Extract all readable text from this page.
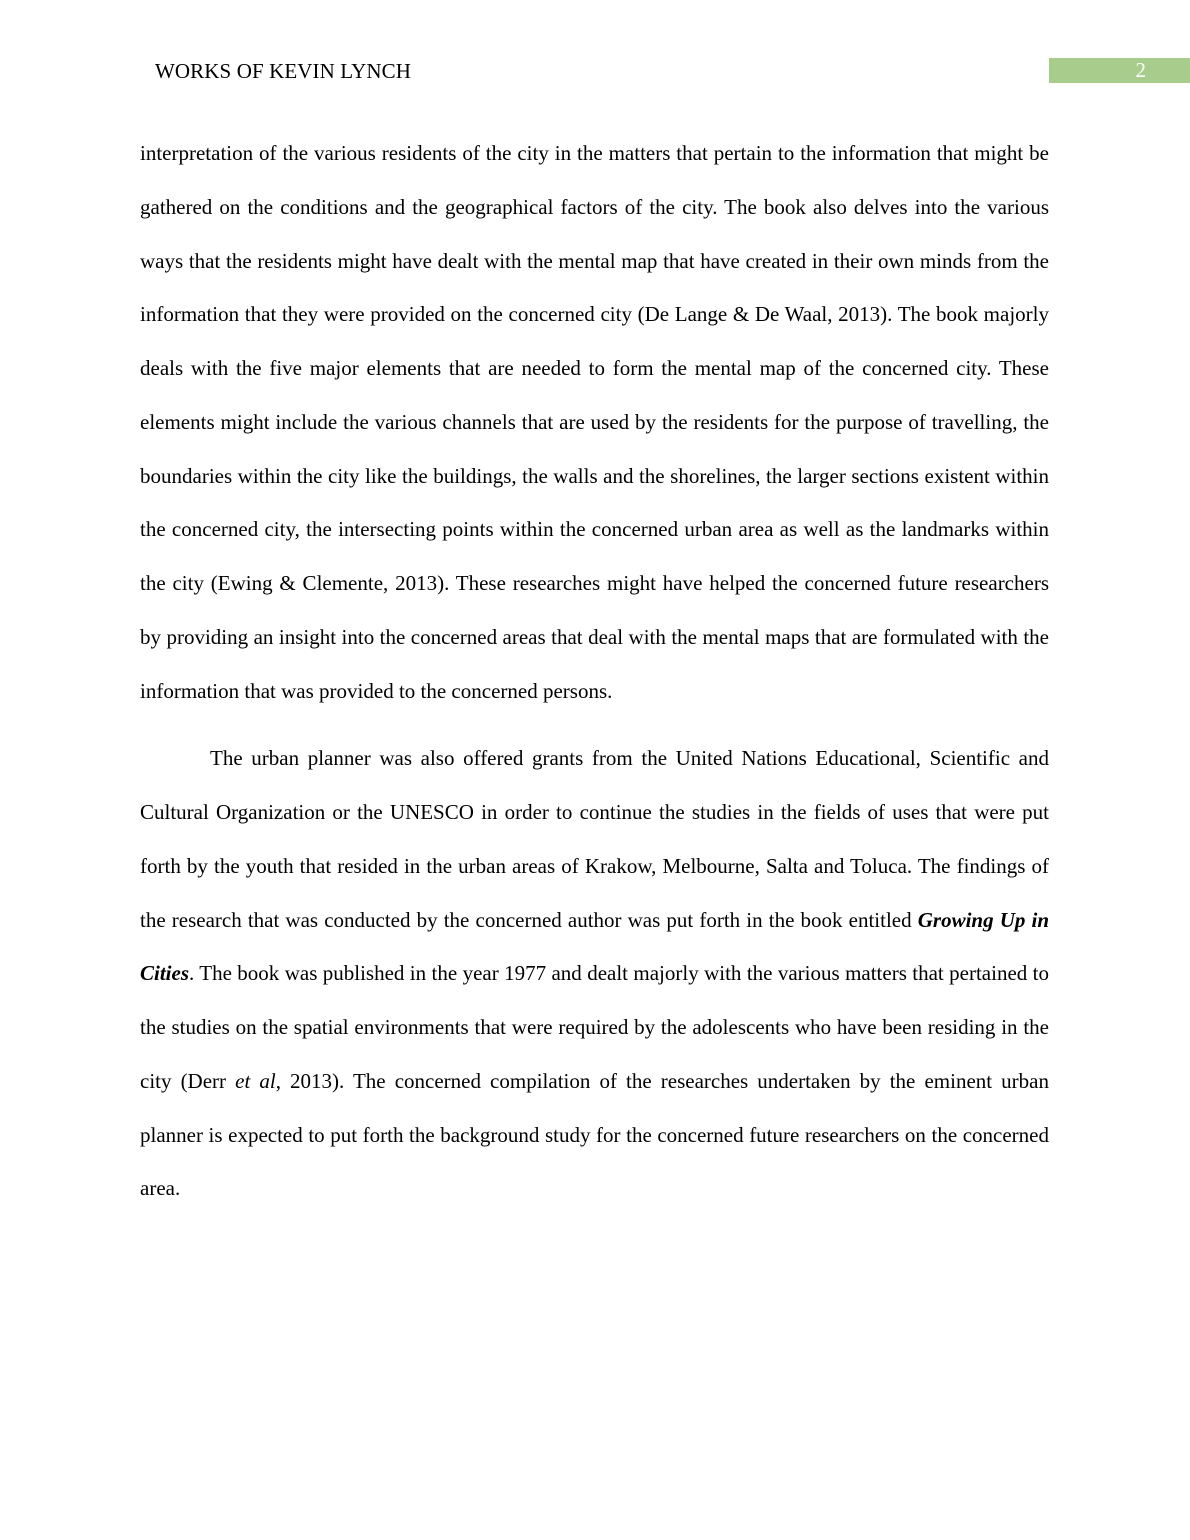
WORKS OF KEVIN LYNCH	2

interpretation of the various residents of the city in the matters that pertain to the information that might be gathered on the conditions and the geographical factors of the city. The book also delves into the various ways that the residents might have dealt with the mental map that have created in their own minds from the information that they were provided on the concerned city (De Lange & De Waal, 2013). The book majorly deals with the five major elements that are needed to form the mental map of the concerned city. These elements might include the various channels that are used by the residents for the purpose of travelling, the boundaries within the city like the buildings, the walls and the shorelines, the larger sections existent within the concerned city, the intersecting points within the concerned urban area as well as the landmarks within the city (Ewing & Clemente, 2013). These researches might have helped the concerned future researchers by providing an insight into the concerned areas that deal with the mental maps that are formulated with the information that was provided to the concerned persons.

The urban planner was also offered grants from the United Nations Educational, Scientific and Cultural Organization or the UNESCO in order to continue the studies in the fields of uses that were put forth by the youth that resided in the urban areas of Krakow, Melbourne, Salta and Toluca. The findings of the research that was conducted by the concerned author was put forth in the book entitled Growing Up in Cities. The book was published in the year 1977 and dealt majorly with the various matters that pertained to the studies on the spatial environments that were required by the adolescents who have been residing in the city (Derr et al, 2013). The concerned compilation of the researches undertaken by the eminent urban planner is expected to put forth the background study for the concerned future researchers on the concerned area.
